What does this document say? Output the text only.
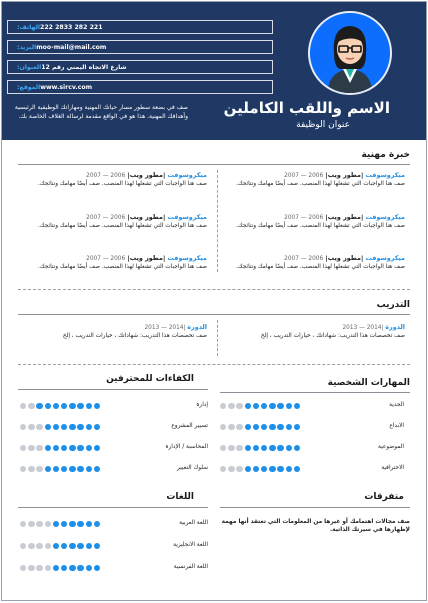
الهاتف: 221 282 2833 222
البريد: moo-mail@mail.com
العنوان: شارع الاتجاه اليمني رقم 12
الموقع: www.sircv.com
الاسم واللقب الكاملين
عنوان الوظيفة
صف في بضعة سطور مسار حياتك المهنية ومهاراتك الوظيفية الرئيسية وأهدافك المهنية. هذا هو في الواقع مقدمة لرسالة الغلاف الخاصة بك.
خبرة مهنية
ميكروسوفت |مطور ويب| 2006 — 2007
صف هنا الواجبات التي تشغلها لهذا المنصب. صف أيضًا مهامك ونتائجك.
ميكروسوفت |مطور ويب| 2006 — 2007
صف هنا الواجبات التي تشغلها لهذا المنصب. صف أيضًا مهامك ونتائجك.
ميكروسوفت |مطور ويب| 2006 — 2007
صف هنا الواجبات التي تشغلها لهذا المنصب. صف أيضًا مهامك ونتائجك.
ميكروسوفت |مطور ويب| 2006 — 2007
صف هنا الواجبات التي تشغلها لهذا المنصب. صف أيضًا مهامك ونتائجك.
ميكروسوفت |مطور ويب| 2006 — 2007
صف هنا الواجبات التي تشغلها لهذا المنصب. صف أيضًا مهامك ونتائجك.
ميكروسوفت |مطور ويب| 2006 — 2007
صف هنا الواجبات التي تشغلها لهذا المنصب. صف أيضًا مهامك ونتائجك.
التدريب
الدورة |2014 — 2013
صف تخصصات هذا التدريب: شهاداتك ، خيارات التدريب ، إلخ
الدورة |2014 — 2013
صف تخصصات هذا التدريب: شهاداتك ، خيارات التدريب ، إلخ
المهارات الشخصية
الجدية
الابداع
الموضوعية
الاحترافية
الكفاءات للمحترفين
إدارة
تسيير المشروع
المحاسبة / الإدارة
سلوك التغيير
متفرقات
صف مجالات اهتمامك أو غيرها من المعلومات التي تعتقد أنها مهمة لإظهارها في سيرتك الذاتية.
اللغات
اللغة العربية
اللغة الانجليزية
اللغة الفرنسية
